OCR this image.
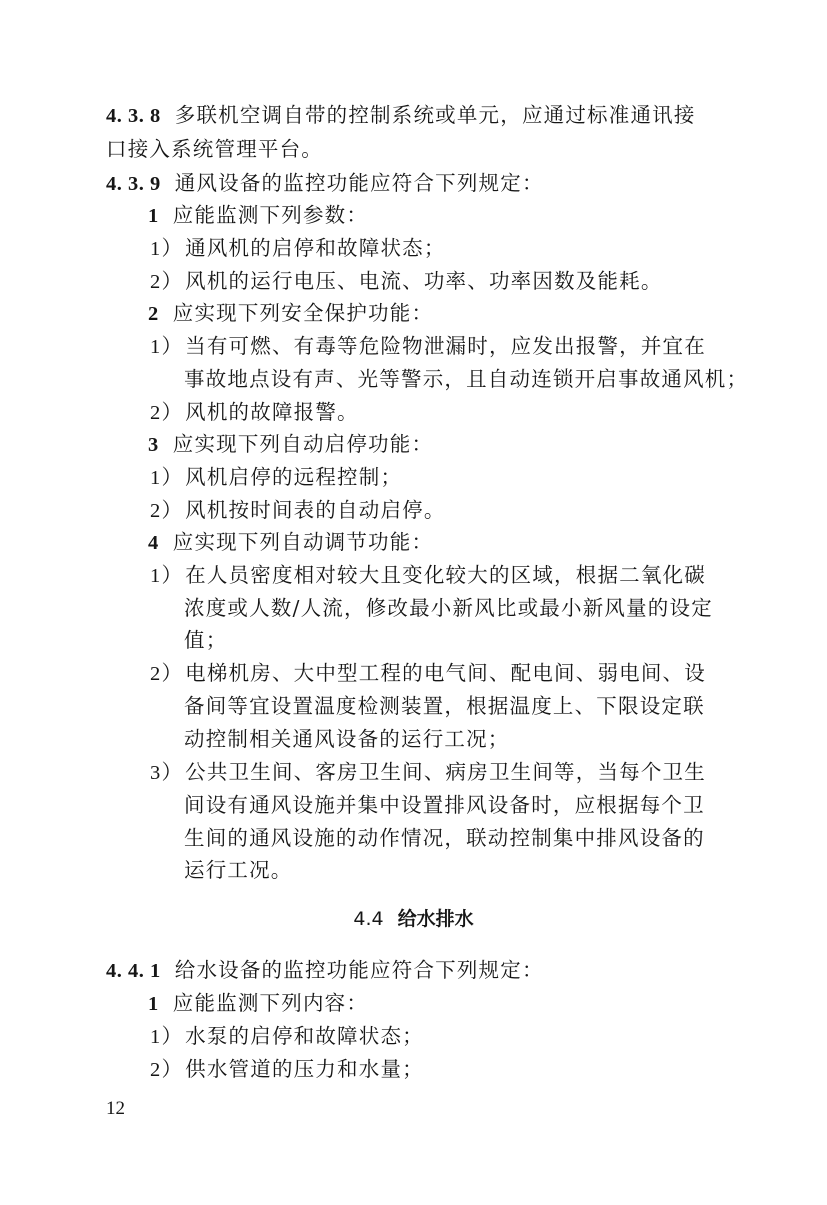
4. 3. 8 多联机空调自带的控制系统或单元，应通过标准通讯接
口接入系统管理平台。
4. 3. 9 通风设备的监控功能应符合下列规定：
1 应能监测下列参数：
1）通风机的启停和故障状态；
2）风机的运行电压、电流、功率、功率因数及能耗。
2 应实现下列安全保护功能：
1）当有可燃、有毒等危险物泄漏时，应发出报警，并宜在
事故地点设有声、光等警示，且自动连锁开启事故通风机；
2）风机的故障报警。
3 应实现下列自动启停功能：
1）风机启停的远程控制；
2）风机按时间表的自动启停。
4 应实现下列自动调节功能：
1）在人员密度相对较大且变化较大的区域，根据二氧化碳
浓度或人数/人流，修改最小新风比或最小新风量的设定
值；
2）电梯机房、大中型工程的电气间、配电间、弱电间、设
备间等宜设置温度检测装置，根据温度上、下限设定联
动控制相关通风设备的运行工况；
3）公共卫生间、客房卫生间、病房卫生间等，当每个卫生
间设有通风设施并集中设置排风设备时，应根据每个卫
生间的通风设施的动作情况，联动控制集中排风设备的
运行工况。
4.4 给水排水
4. 4. 1 给水设备的监控功能应符合下列规定：
1 应能监测下列内容：
1）水泵的启停和故障状态；
2）供水管道的压力和水量；
12
